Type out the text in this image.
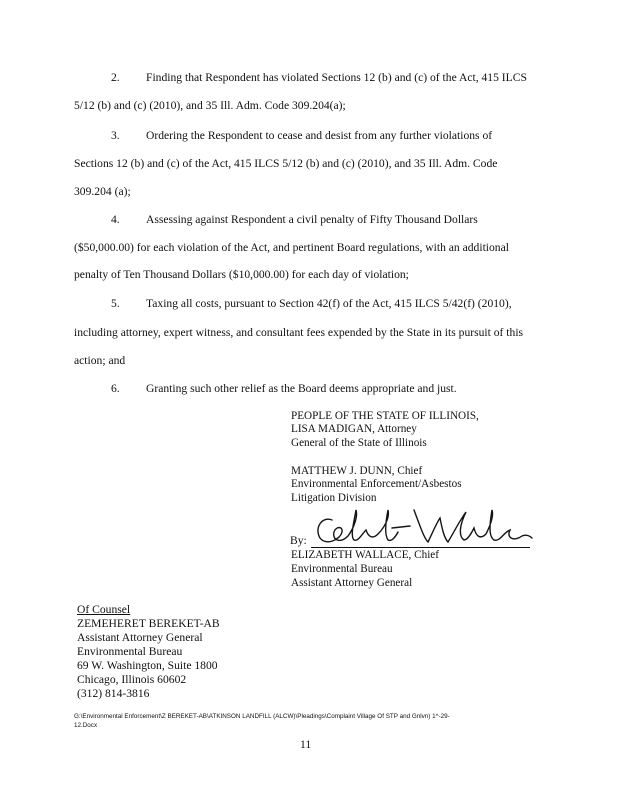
2. Finding that Respondent has violated Sections 12 (b) and (c) of the Act, 415 ILCS
5/12 (b) and (c) (2010), and 35 Ill. Adm. Code 309.204(a);
3. Ordering the Respondent to cease and desist from any further violations of
Sections 12 (b) and (c) of the Act, 415 ILCS 5/12 (b) and (c) (2010), and 35 Ill. Adm. Code
309.204 (a);
4. Assessing against Respondent a civil penalty of Fifty Thousand Dollars
($50,000.00) for each violation of the Act, and pertinent Board regulations, with an additional
penalty of Ten Thousand Dollars ($10,000.00) for each day of violation;
5. Taxing all costs, pursuant to Section 42(f) of the Act, 415 ILCS 5/42(f) (2010),
including attorney, expert witness, and consultant fees expended by the State in its pursuit of this
action; and
6. Granting such other relief as the Board deems appropriate and just.
PEOPLE OF THE STATE OF ILLINOIS,
LISA MADIGAN, Attorney
General of the State of Illinois
MATTHEW J. DUNN, Chief
Environmental Enforcement/Asbestos
Litigation Division
By:
ELIZABETH WALLACE, Chief
Environmental Bureau
Assistant Attorney General
Of Counsel
ZEMEHERET BEREKET-AB
Assistant Attorney General
Environmental Bureau
69 W. Washington, Suite 1800
Chicago, Illinois 60602
(312) 814-3816
G:\Environmental Enforcement\Z BEREKET-AB\ATKINSON LANDFILL (ALCW)\Pleadings\Complaint Village Of STP and Gnlvn) 1^-29-
12.Docx
11
